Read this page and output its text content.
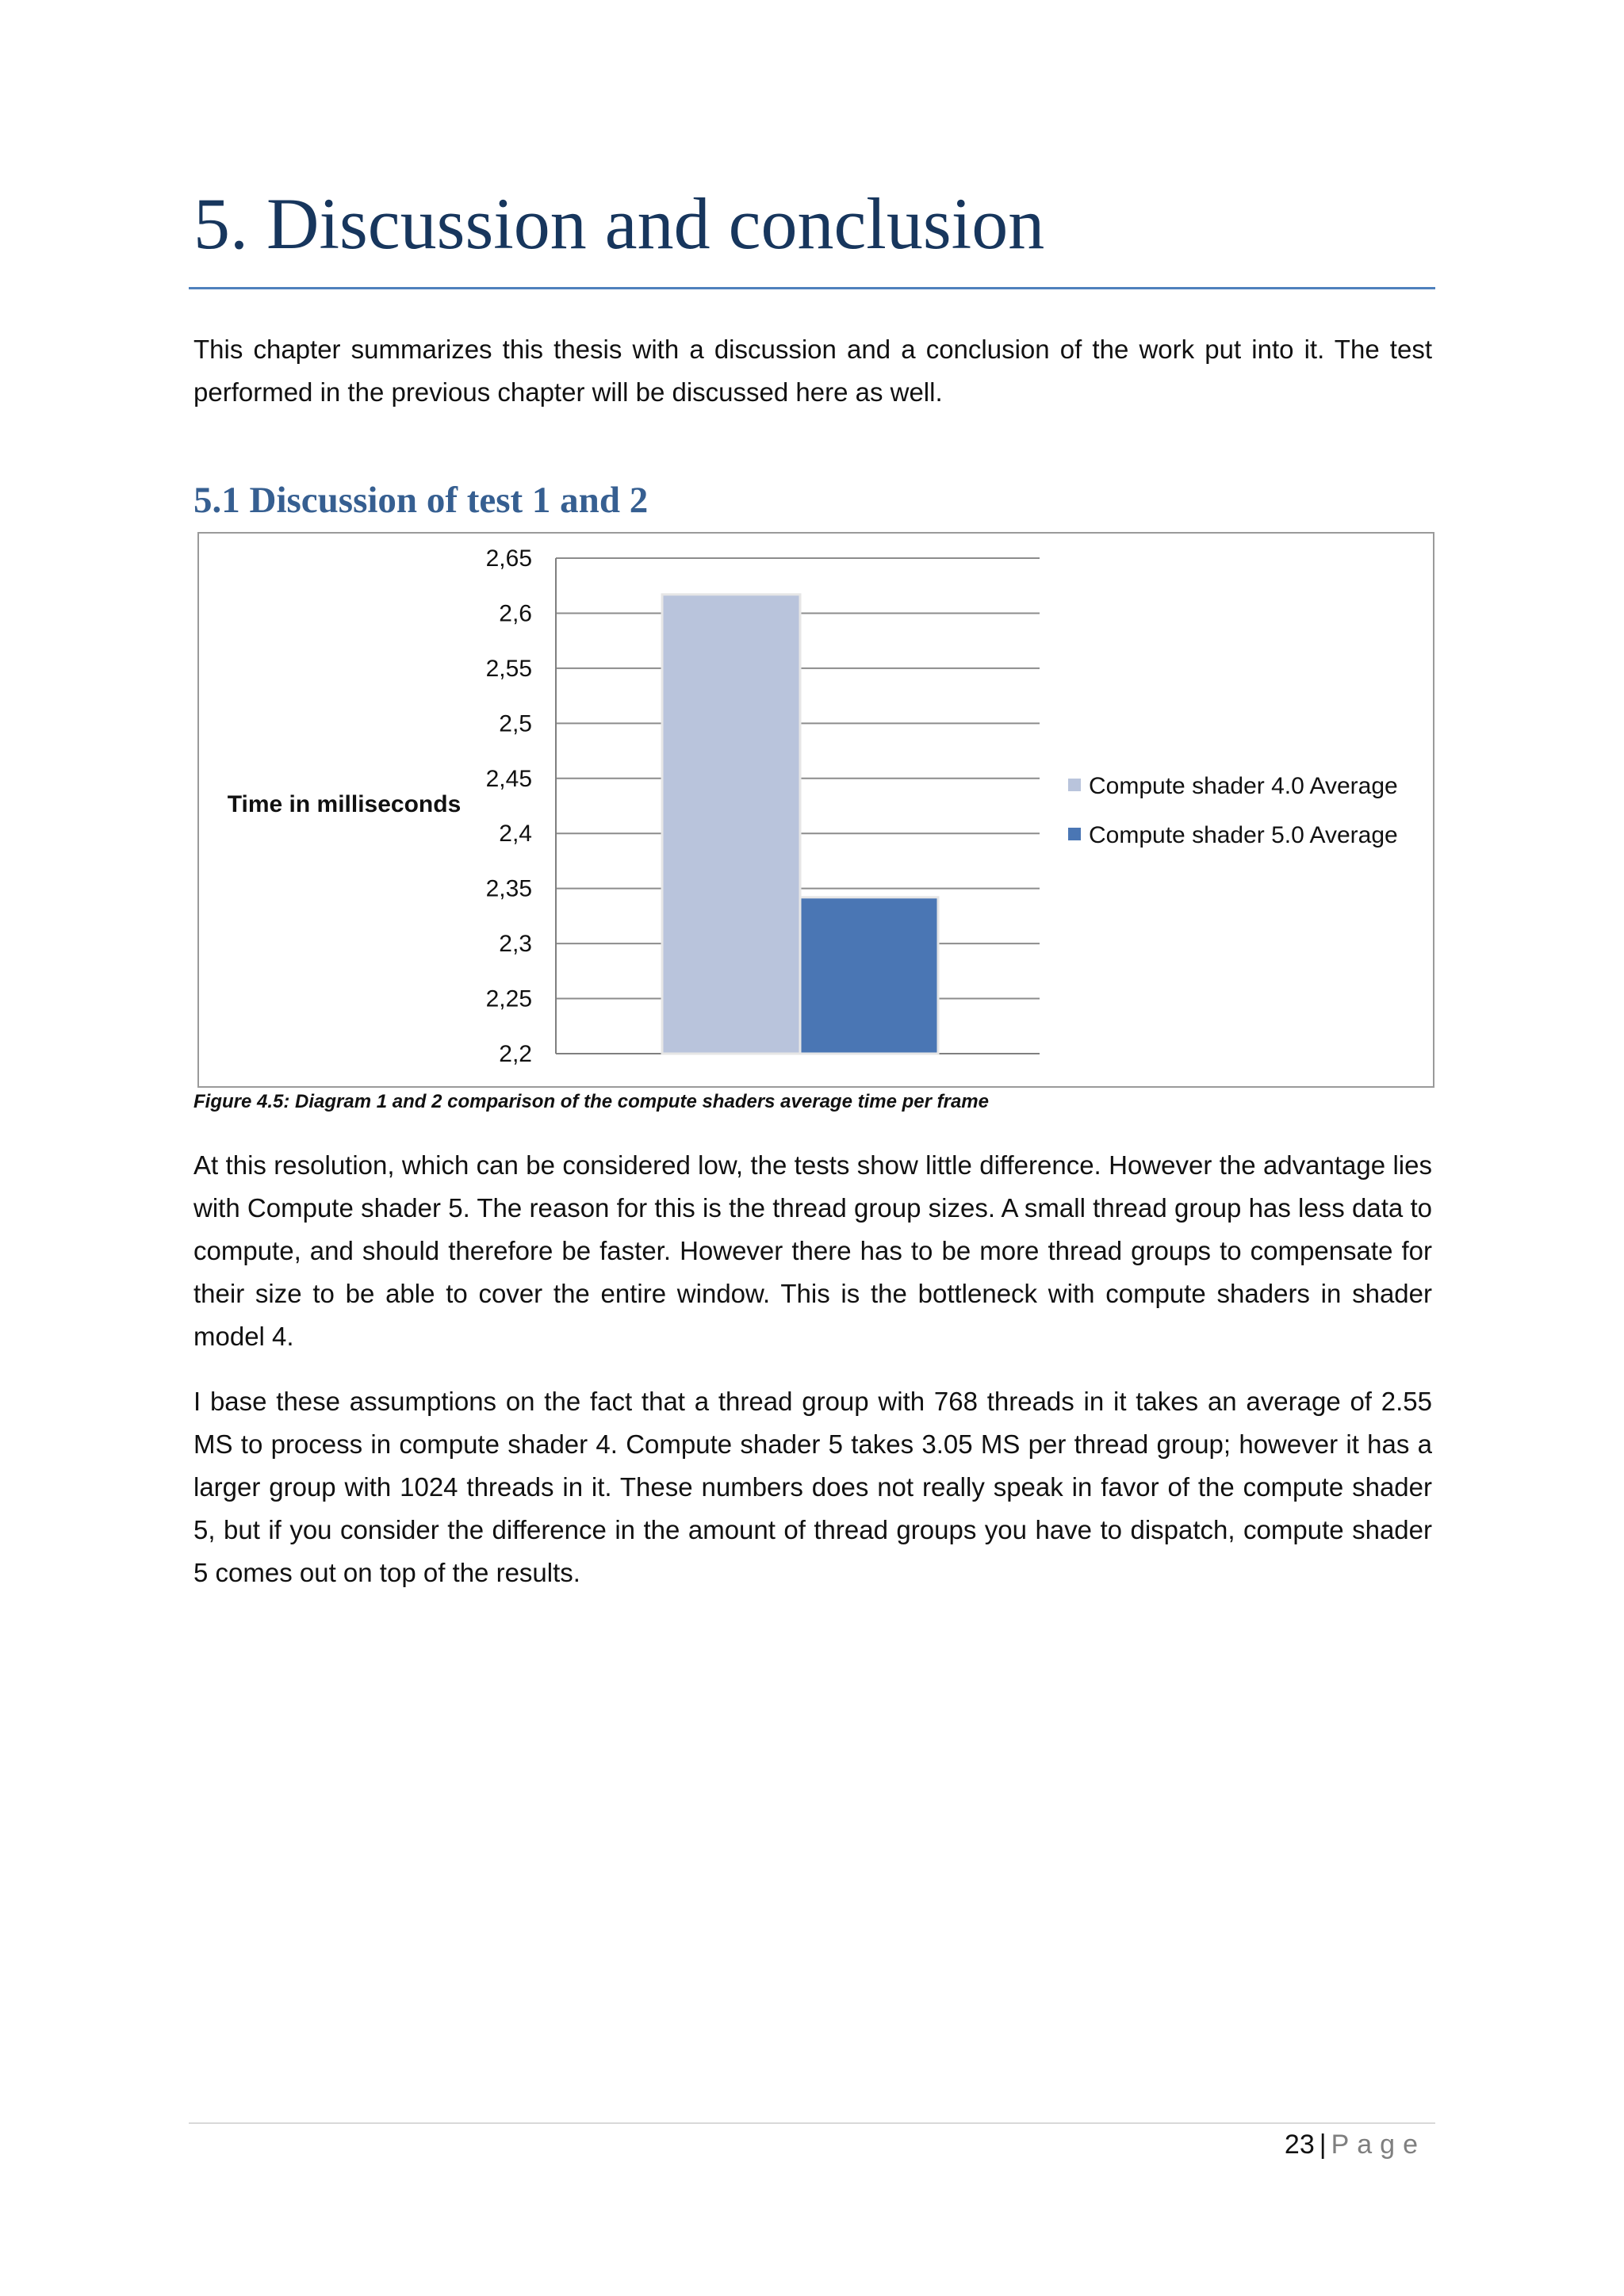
5. Discussion and conclusion

This chapter summarizes this thesis with a discussion and a conclusion of the work put into it. The test performed in the previous chapter will be discussed here as well.

5.1 Discussion of test 1 and 2
2,2
2,25
2,3
2,35
2,4
2,45
2,5
2,55
2,6
2,65
Time in milliseconds
Compute shader 4.0 Average
Compute shader 5.0 Average

Figure 4.5: Diagram 1 and 2 comparison of the compute shaders average time per frame

At this resolution, which can be considered low, the tests show little difference. However the advantage lies with Compute shader 5. The reason for this is the thread group sizes. A small thread group has less data to compute, and should therefore be faster. However there has to be more thread groups to compensate for their size to be able to cover the entire window. This is the bottleneck with compute shaders in shader model 4.

I base these assumptions on the fact that a thread group with 768 threads in it takes an average of 2.55 MS to process in compute shader 4. Compute shader 5 takes 3.05 MS per thread group; however it has a larger group with 1024 threads in it. These numbers does not really speak in favor of the compute shader 5, but if you consider the difference in the amount of thread groups you have to dispatch, compute shader 5 comes out on top of the results.

23 | Page
